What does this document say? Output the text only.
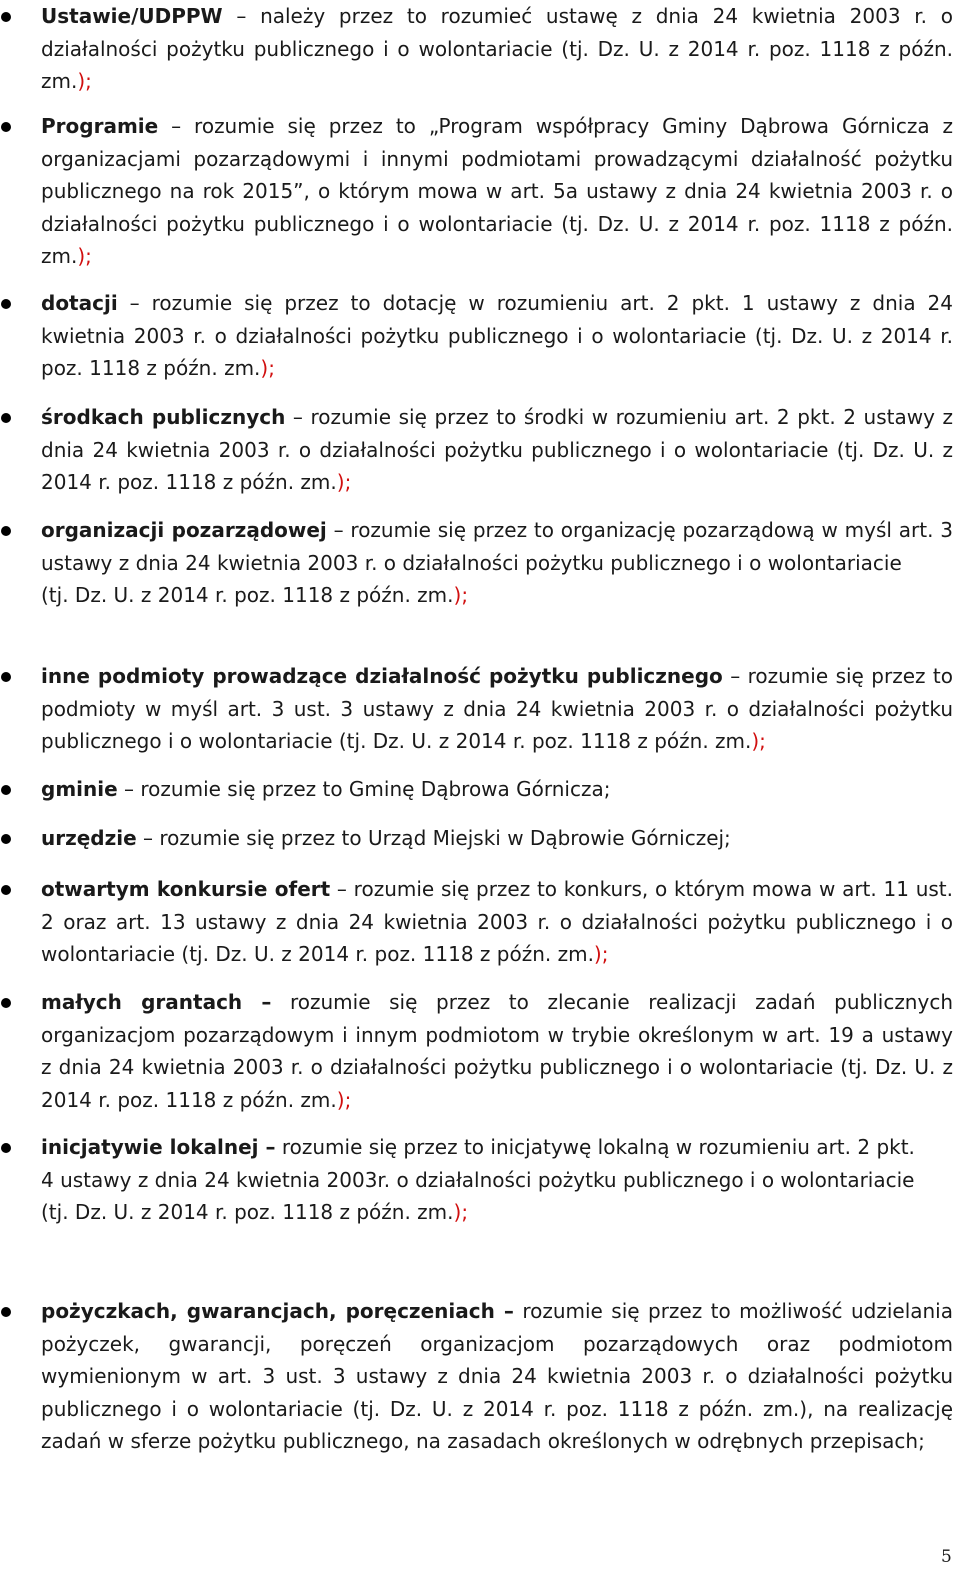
Ustawie/UDPPW – należy przez to rozumieć ustawę z dnia 24 kwietnia 2003 r. o działalności pożytku publicznego i o wolontariacie (tj. Dz. U. z 2014 r. poz. 1118 z późn. zm.);

Programie – rozumie się przez to „Program współpracy Gminy Dąbrowa Górnicza z organizacjami pozarządowymi i innymi podmiotami prowadzącymi działalność pożytku publicznego na rok 2015”, o którym mowa w art. 5a ustawy z dnia 24 kwietnia 2003 r. o działalności pożytku publicznego i o wolontariacie (tj. Dz. U. z 2014 r. poz. 1118 z późn. zm.);

dotacji – rozumie się przez to dotację w rozumieniu art. 2 pkt. 1 ustawy z dnia 24 kwietnia 2003 r. o działalności pożytku publicznego i o wolontariacie (tj. Dz. U. z 2014 r. poz. 1118 z późn. zm.);

środkach publicznych – rozumie się przez to środki w rozumieniu art. 2 pkt. 2 ustawy z dnia 24 kwietnia 2003 r. o działalności pożytku publicznego i o wolontariacie (tj. Dz. U. z 2014 r. poz. 1118 z późn. zm.);

organizacji pozarządowej – rozumie się przez to organizację pozarządową w myśl art. 3 ustawy z dnia 24 kwietnia 2003 r. o działalności pożytku publicznego i o wolontariacie

(tj. Dz. U. z 2014 r. poz. 1118 z późn. zm.);

inne podmioty prowadzące działalność pożytku publicznego – rozumie się przez to podmioty w myśl art. 3 ust. 3 ustawy z dnia 24 kwietnia 2003 r. o działalności pożytku publicznego i o wolontariacie (tj. Dz. U. z 2014 r. poz. 1118 z późn. zm.);

gminie – rozumie się przez to Gminę Dąbrowa Górnicza;

urzędzie – rozumie się przez to Urząd Miejski w Dąbrowie Górniczej;

otwartym konkursie ofert – rozumie się przez to konkurs, o którym mowa w art. 11 ust. 2 oraz art. 13 ustawy z dnia 24 kwietnia 2003 r. o działalności pożytku publicznego i o wolontariacie (tj. Dz. U. z 2014 r. poz. 1118 z późn. zm.);

małych grantach – rozumie się przez to zlecanie realizacji zadań publicznych organizacjom pozarządowym i innym podmiotom w trybie określonym w art. 19 a ustawy z dnia 24 kwietnia 2003 r. o działalności pożytku publicznego i o wolontariacie (tj. Dz. U. z 2014 r. poz. 1118 z późn. zm.);

inicjatywie lokalnej – rozumie się przez to inicjatywę lokalną w rozumieniu art. 2 pkt.

4 ustawy z dnia 24 kwietnia 2003r. o działalności pożytku publicznego i o wolontariacie

(tj. Dz. U. z 2014 r. poz. 1118 z późn. zm.);

pożyczkach, gwarancjach, poręczeniach – rozumie się przez to możliwość udzielania pożyczek, gwarancji, poręczeń organizacjom pozarządowych oraz podmiotom wymienionym w art. 3 ust. 3 ustawy z dnia 24 kwietnia 2003 r. o działalności pożytku publicznego i o wolontariacie (tj. Dz. U. z 2014 r. poz. 1118 z późn. zm.), na realizację zadań w sferze pożytku publicznego, na zasadach określonych w odrębnych przepisach;

5
